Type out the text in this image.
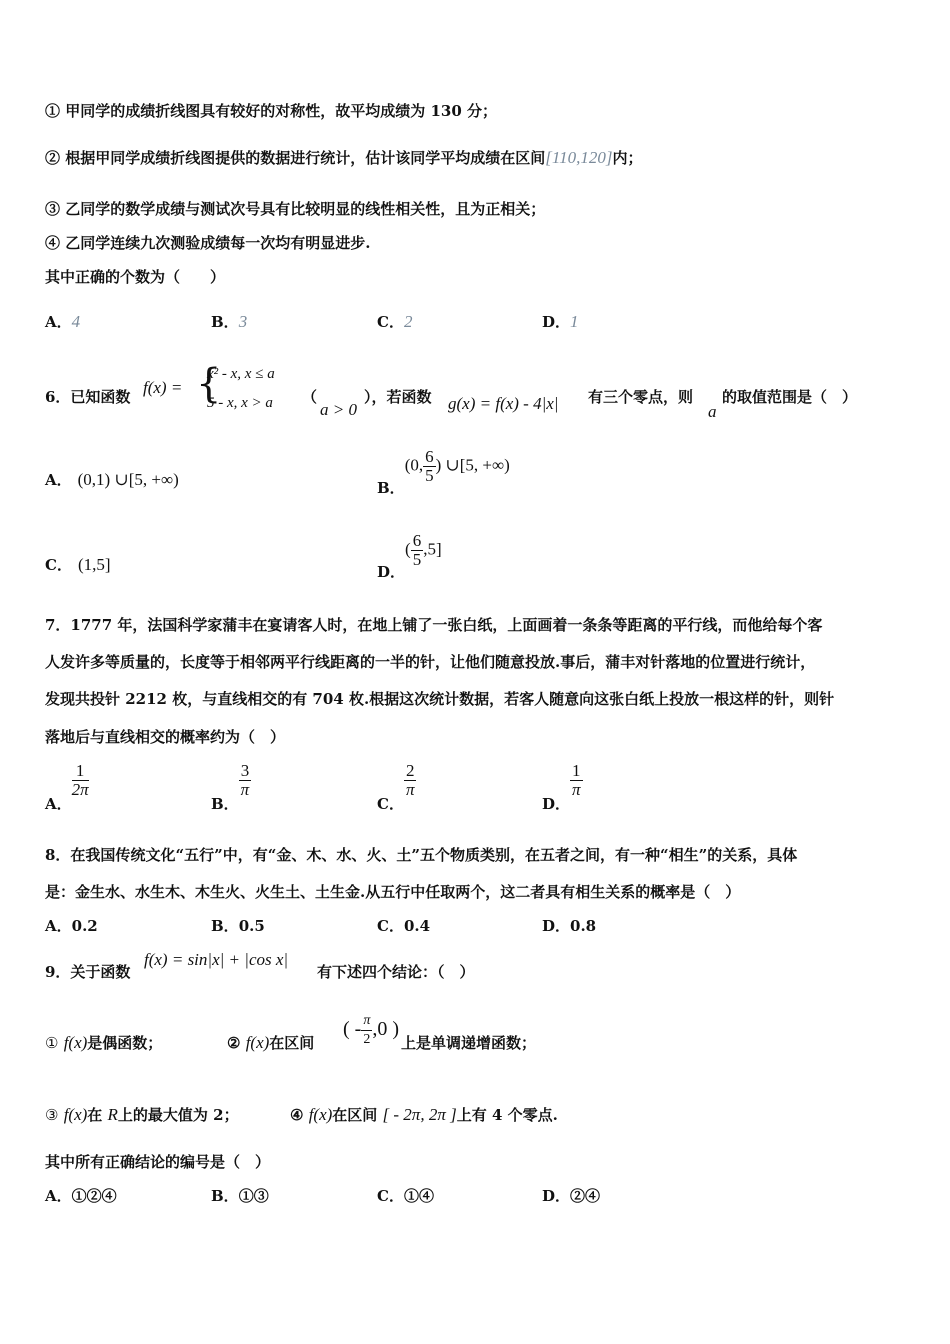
① 甲同学的成绩折线图具有较好的对称性，故平均成绩为 130 分；
② 根据甲同学成绩折线图提供的数据进行统计，估计该同学平均成绩在区间[110,120]内；
③ 乙同学的数学成绩与测试次号具有比较明显的线性相关性，且为正相关；
④ 乙同学连续九次测验成绩每一次均有明显进步.
其中正确的个数为（　　）
A．4	B．3	C．2	D．1
6．已知函数 f(x) = {
x² - x, x ≤ a
5 - x, x > a （
a > 0
），若函数 g(x) = f(x) - 4|x| 有三个零点，则
a
的取值范围是（　）
A． (0,1) ∪[5, +∞)	B．(0, $\frac{6}{5}$ ) ∪[5, +∞)
C． (1,5]	D．( $\frac{6}{5} ,5$]
7．1777 年，法国科学家蒲丰在宴请客人时，在地上铺了一张白纸，上面画着一条条等距离的平行线，而他给每个客
人发许多等质量的，长度等于相邻两平行线距离的一半的针，让他们随意投放.事后，蒲丰对针落地的位置进行统计，
发现共投针 2212 枚，与直线相交的有 704 枚.根据这次统计数据，若客人随意向这张白纸上投放一根这样的针，则针
落地后与直线相交的概率约为（　）
A．
$\frac{1}{2\pi}$
B．
$\frac{3}{\pi}$
C．
$\frac{2}{\pi}$
D．
$\frac{1}{\pi}$
8．在我国传统文化“五行”中，有“金、木、水、火、土”五个物质类别，在五者之间，有一种“相生”的关系，具体
是：金生水、水生木、木生火、火生土、土生金.从五行中任取两个，这二者具有相生关系的概率是（　）
A．0.2	B．0.5	C．0.4	D．0.8
9．关于函数
f(x) = sin|x| + |cos x|
有下述四个结论：（　）
① f(x)是偶函数；	② f(x)在区间
( - $\frac{\pi}{2} ,0$ )
上是单调递增函数；
③ f(x)在 R上的最大值为 2；	④ f(x)在区间 [ - 2π, 2π ]上有 4 个零点.
其中所有正确结论的编号是（　）
A．①②④	B．①③	C．①④	D．②④
